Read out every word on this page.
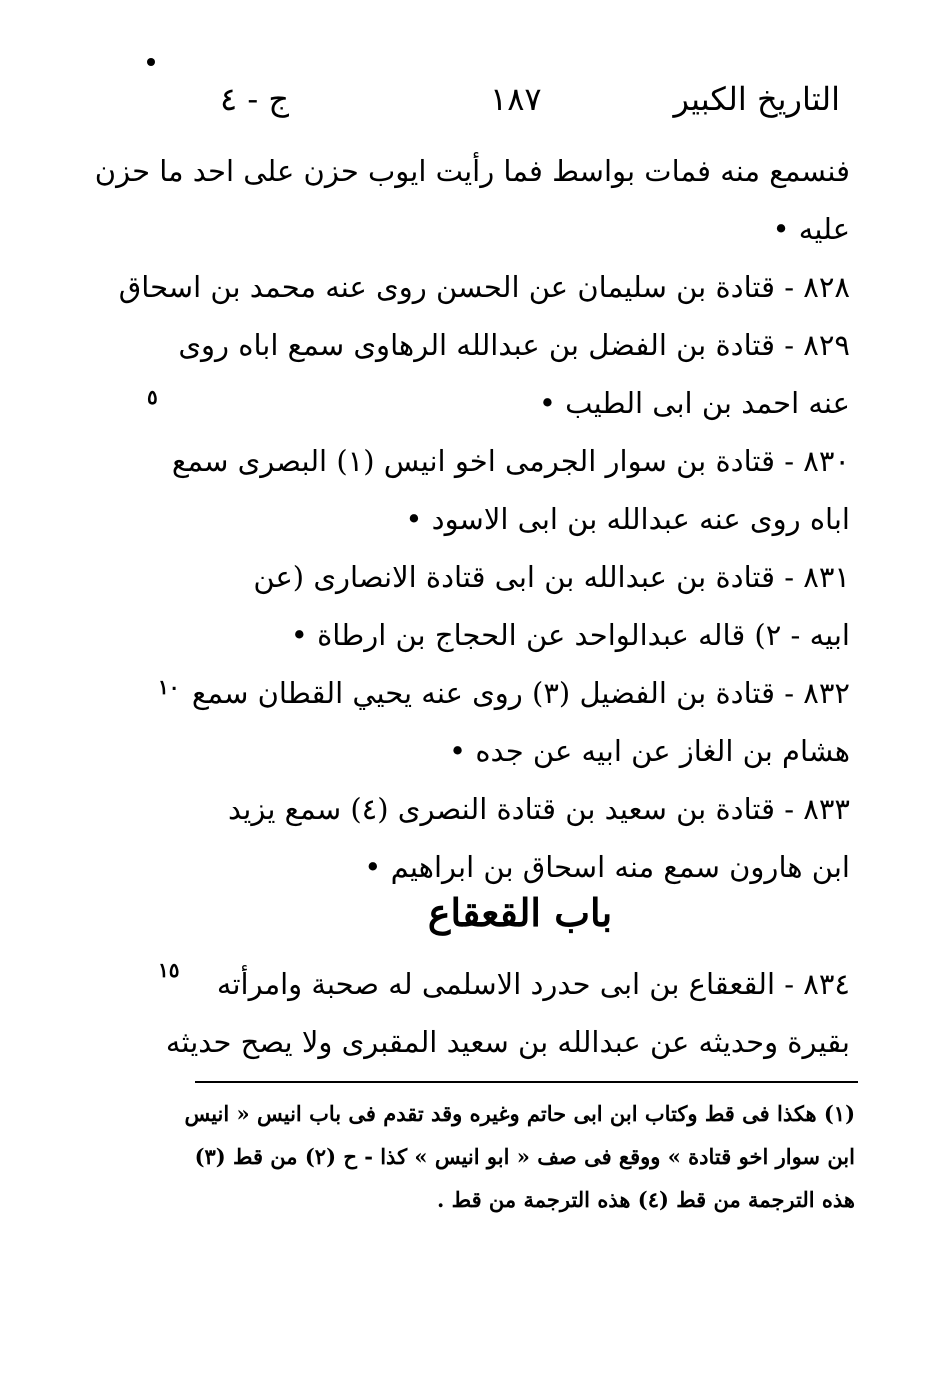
التاريخ الكبير
١٨٧
ج - ٤
فنسمع منه فمات بواسط فما رأيت ايوب حزن على احد ما حزن
عليه •
٨٢٨ - قتادة بن سليمان عن الحسن روى عنه محمد بن اسحاق
٨٢٩ - قتادة بن الفضل بن عبدالله الرهاوى سمع اباه روى
عنه احمد بن ابى الطيب •
٨٣٠ - قتادة بن سوار الجرمى اخو انيس (١) البصرى سمع
اباه روى عنه عبدالله بن ابى الاسود •
٨٣١ - قتادة بن عبدالله بن ابى قتادة الانصارى (عن
ابيه - ٢) قاله عبدالواحد عن الحجاج بن ارطاة •
٨٣٢ - قتادة بن الفضيل (٣) روى عنه يحيي القطان سمع
هشام بن الغاز عن ابيه عن جده •
٨٣٣ - قتادة بن سعيد بن قتادة النصرى (٤) سمع يزيد
ابن هارون سمع منه اسحاق بن ابراهيم •
باب القعقاع
٨٣٤ - القعقاع بن ابى حدرد الاسلمى له صحبة وامرأته
بقيرة وحديثه عن عبدالله بن سعيد المقبرى ولا يصح حديثه
(١) هكذا فى قط وكتاب ابن ابى حاتم وغيره وقد تقدم فى باب انيس « انيس
ابن سوار اخو قتادة » ووقع فى صف « ابو انيس » كذا - ح (٢) من قط (٣)
هذه الترجمة من قط (٤) هذه الترجمة من قط .
٥
١٠
١٥
